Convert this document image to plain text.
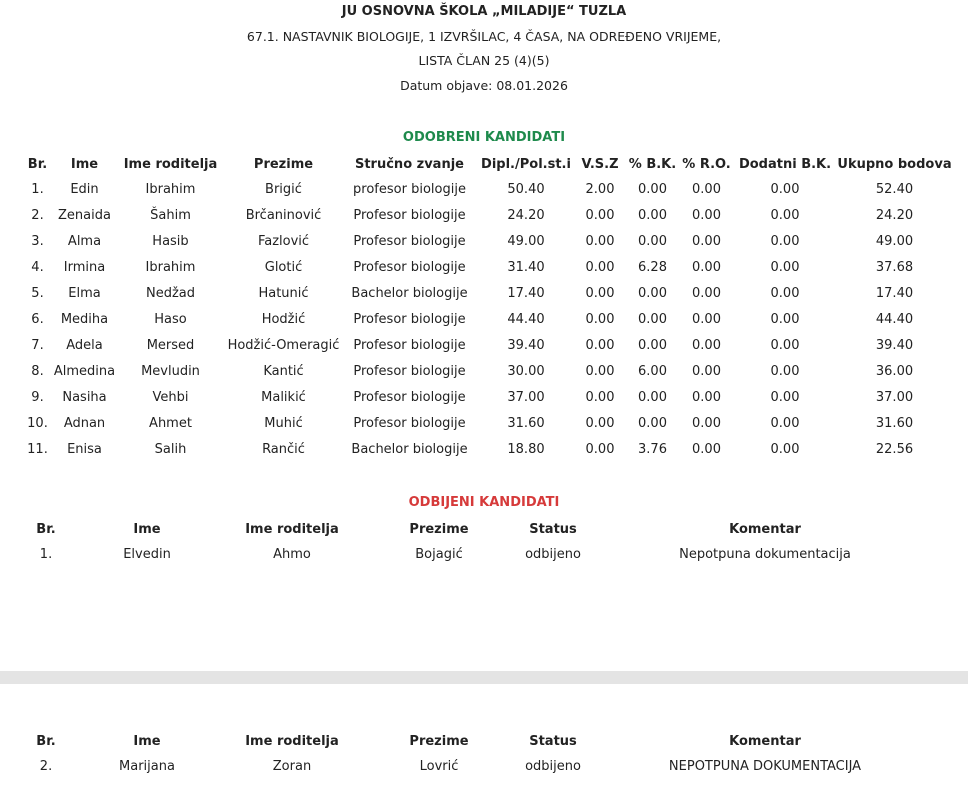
JU OSNOVNA ŠKOLA „MILADIJE“ TUZLA
67.1. NASTAVNIK BIOLOGIJE, 1 IZVRŠILAC, 4 ČASA, NA ODREĐENO VRIJEME,
LISTA ČLAN 25 (4)(5)
Datum objave: 08.01.2026
ODOBRENI KANDIDATI
Br.	Ime	Ime roditelja	Prezime	Stručno zvanje	Dipl./Pol.st.i	V.S.Z	% B.K.	% R.O.	Dodatni B.K.	Ukupno bodova
1.	Edin	Ibrahim	Brigić	profesor biologije	50.40	2.00	0.00	0.00	0.00	52.40
2.	Zenaida	Šahim	Brčaninović	Profesor biologije	24.20	0.00	0.00	0.00	0.00	24.20
3.	Alma	Hasib	Fazlović	Profesor biologije	49.00	0.00	0.00	0.00	0.00	49.00
4.	Irmina	Ibrahim	Glotić	Profesor biologije	31.40	0.00	6.28	0.00	0.00	37.68
5.	Elma	Nedžad	Hatunić	Bachelor biologije	17.40	0.00	0.00	0.00	0.00	17.40
6.	Mediha	Haso	Hodžić	Profesor biologije	44.40	0.00	0.00	0.00	0.00	44.40
7.	Adela	Mersed	Hodžić-Omeragić	Profesor biologije	39.40	0.00	0.00	0.00	0.00	39.40
8.	Almedina	Mevludin	Kantić	Profesor biologije	30.00	0.00	6.00	0.00	0.00	36.00
9.	Nasiha	Vehbi	Malikić	Profesor biologije	37.00	0.00	0.00	0.00	0.00	37.00
10.	Adnan	Ahmet	Muhić	Profesor biologije	31.60	0.00	0.00	0.00	0.00	31.60
11.	Enisa	Salih	Rančić	Bachelor biologije	18.80	0.00	3.76	0.00	0.00	22.56
ODBIJENI KANDIDATI
Br.	Ime	Ime roditelja	Prezime	Status	Komentar
1.	Elvedin	Ahmo	Bojagić	odbijeno	Nepotpuna dokumentacija
Br.	Ime	Ime roditelja	Prezime	Status	Komentar
2.	Marijana	Zoran	Lovrić	odbijeno	NEPOTPUNA DOKUMENTACIJA
